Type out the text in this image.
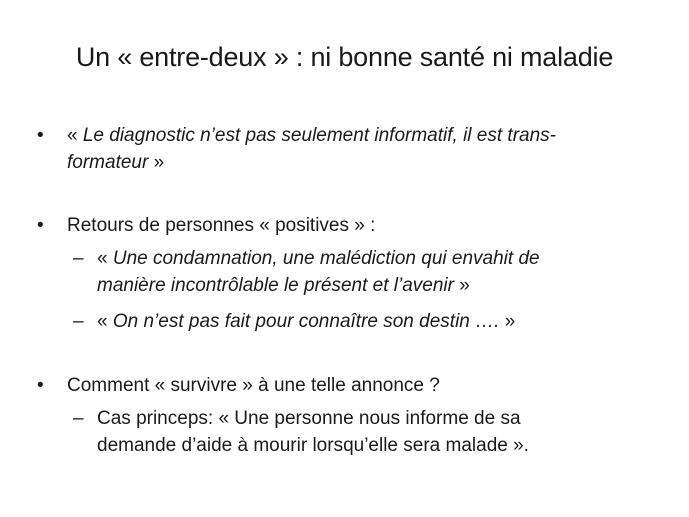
Un « entre-deux » : ni bonne santé ni maladie
• « Le diagnostic n’est pas seulement informatif, il est trans-
formateur »
• Retours de personnes « positives » :
– « Une condamnation, une malédiction qui envahit de
manière incontrôlable le présent et l’avenir »
– « On n’est pas fait pour connaître son destin …. »
• Comment « survivre » à une telle annonce ?
– Cas princeps: « Une personne nous informe de sa
demande d’aide à mourir lorsqu’elle sera malade ».
